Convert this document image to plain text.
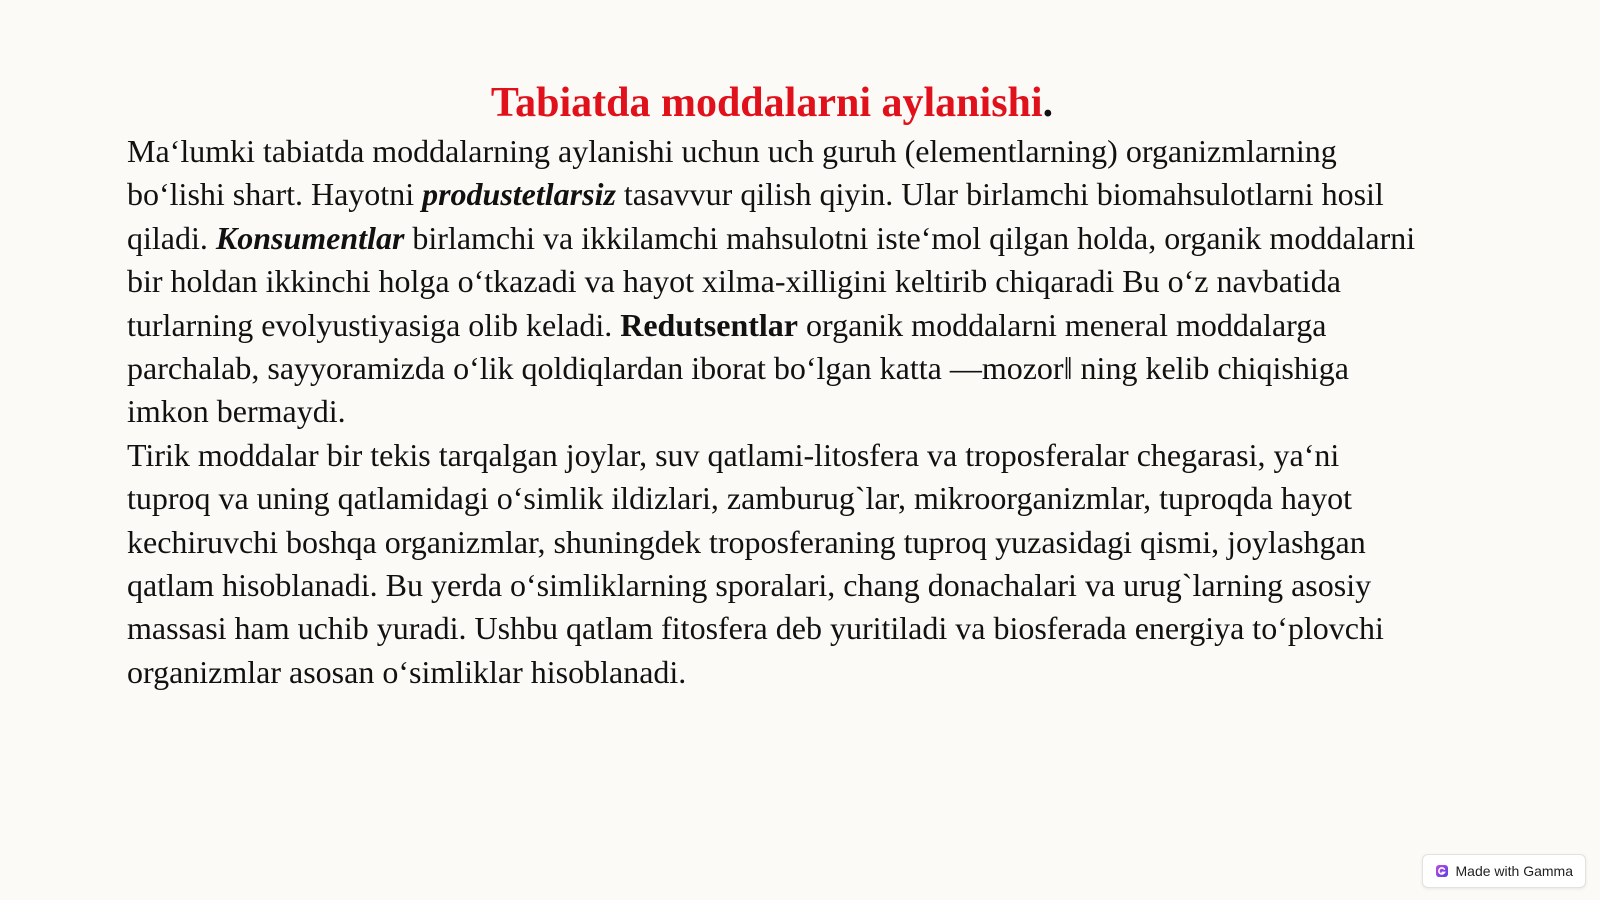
Tabiatda moddalarni aylanishi.

Ma‘lumki tabiatda moddalarning aylanishi uchun uch guruh (elementlarning) organizmlarning bo‘lishi shart. Hayotni produstetlarsiz tasavvur qilish qiyin. Ular birlamchi biomahsulotlarni hosil qiladi. Konsumentlar birlamchi va ikkilamchi mahsulotni iste‘mol qilgan holda, organik moddalarni bir holdan ikkinchi holga o‘tkazadi va hayot xilma-xilligini keltirib chiqaradi Bu o‘z navbatida turlarning evolyustiyasiga olib keladi. Redutsentlar organik moddalarni meneral moddalarga parchalab, sayyoramizda o‘lik qoldiqlardan iborat bo‘lgan katta ―mozor‖ ning kelib chiqishiga imkon bermaydi.

Tirik moddalar bir tekis tarqalgan joylar, suv qatlami-litosfera va troposferalar chegarasi, ya‘ni tuproq va uning qatlamidagi o‘simlik ildizlari, zamburug`lar, mikroorganizmlar, tuproqda hayot kechiruvchi boshqa organizmlar, shuningdek troposferaning tuproq yuzasidagi qismi, joylashgan qatlam hisoblanadi. Bu yerda o‘simliklarning sporalari, chang donachalari va urug`larning asosiy massasi ham uchib yuradi. Ushbu qatlam fitosfera deb yuritiladi va biosferada energiya to‘plovchi organizmlar asosan o‘simliklar hisoblanadi.

Made with Gamma
